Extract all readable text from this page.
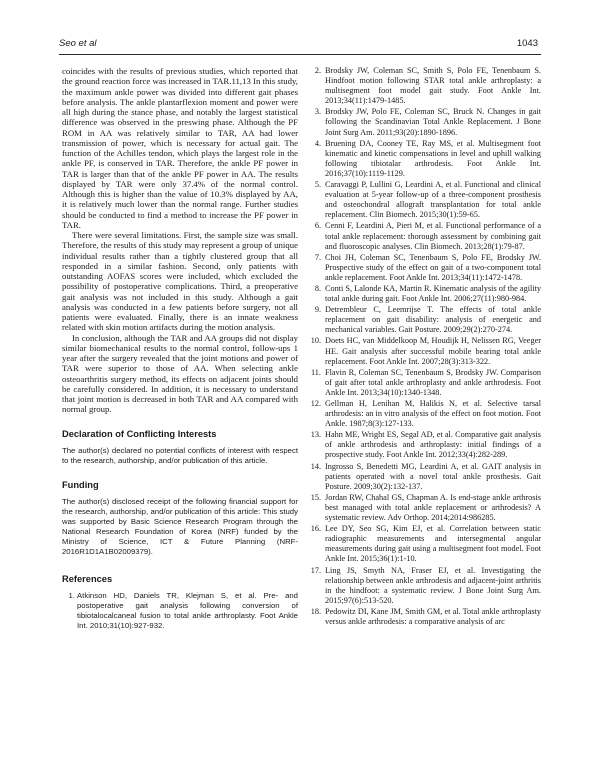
Seo et al	1043

coincides with the results of previous studies, which reported that the ground reaction force was increased in TAR.11,13 In this study, the maximum ankle power was divided into different gait phases before analysis. The ankle plantarflexion moment and power were all high during the stance phase, and notably the largest statistical difference was observed in the preswing phase. Although the PF ROM in AA was relatively similar to TAR, AA had lower transmission of power, which is necessary for actual gait. The function of the Achilles tendon, which plays the largest role in the ankle PF, is conserved in TAR. Therefore, the ankle PF power in TAR is larger than that of the ankle PF power in AA. The results displayed by TAR were only 37.4% of the normal control. Although this is higher than the value of 10.3% displayed by AA, it is relatively much lower than the normal range. Further studies should be conducted to find a method to increase the PF power in TAR.

There were several limitations. First, the sample size was small. Therefore, the results of this study may represent a group of unique individual results rather than a tightly clustered group that all responded in a similar fashion. Second, only patients with outstanding AOFAS scores were included, which excluded the possibility of postoperative complications. Third, a preoperative gait analysis was not included in this study. Although a gait analysis was conducted in a few patients before surgery, not all patients were evaluated. Finally, there is an innate weakness related with skin motion artifacts during the motion analysis.

In conclusion, although the TAR and AA groups did not display similar biomechanical results to the normal control, follow-ups 1 year after the surgery revealed that the joint motions and power of TAR were superior to those of AA. When selecting ankle osteoarthritis surgery method, its effects on adjacent joints should be carefully considered. In addition, it is necessary to understand that joint motion is decreased in both TAR and AA compared with normal group.

Declaration of Conflicting Interests

The author(s) declared no potential conflicts of interest with respect to the research, authorship, and/or publication of this article.

Funding

The author(s) disclosed receipt of the following financial support for the research, authorship, and/or publication of this article: This study was supported by Basic Science Research Program through the National Research Foundation of Korea (NRF) funded by the Ministry of Science, ICT & Future Planning (NRF-2016R1D1A1B02009379).

References
1. Atkinson HD, Daniels TR, Klejman S, et al. Pre- and postoperative gait analysis following conversion of tibiotalocalcaneal fusion to total ankle arthroplasty. Foot Ankle Int. 2010;31(10):927-932.
2. Brodsky JW, Coleman SC, Smith S, Polo FE, Tenenbaum S. Hindfoot motion following STAR total ankle arthroplasty: a multisegment foot model gait study. Foot Ankle Int. 2013;34(11):1479-1485.
3. Brodsky JW, Polo FE, Coleman SC, Bruck N. Changes in gait following the Scandinavian Total Ankle Replacement. J Bone Joint Surg Am. 2011;93(20):1890-1896.
4. Bruening DA, Cooney TE, Ray MS, et al. Multisegment foot kinematic and kinetic compensations in level and uphill walking following tibiotalar arthrodesis. Foot Ankle Int. 2016;37(10):1119-1129.
5. Caravaggi P, Lullini G, Leardini A, et al. Functional and clinical evaluation at 5-year follow-up of a three-component prosthesis and osteochondral allograft transplantation for total ankle replacement. Clin Biomech. 2015;30(1):59-65.
6. Cenni F, Leardini A, Pieri M, et al. Functional performance of a total ankle replacement: thorough assessment by combining gait and fluoroscopic analyses. Clin Biomech. 2013;28(1):79-87.
7. Choi JH, Coleman SC, Tenenbaum S, Polo FE, Brodsky JW. Prospective study of the effect on gait of a two-component total ankle replacement. Foot Ankle Int. 2013;34(11):1472-1478.
8. Conti S, Lalonde KA, Martin R. Kinematic analysis of the agility total ankle during gait. Foot Ankle Int. 2006;27(11):980-984.
9. Detrembleur C, Leemrijse T. The effects of total ankle replacement on gait disability: analysis of energetic and mechanical variables. Gait Posture. 2009;29(2):270-274.
10. Doets HC, van Middelkoop M, Houdijk H, Nelissen RG, Veeger HE. Gait analysis after successful mobile bearing total ankle replacement. Foot Ankle Int. 2007;28(3):313-322.
11. Flavin R, Coleman SC, Tenenbaum S, Brodsky JW. Comparison of gait after total ankle arthroplasty and ankle arthrodesis. Foot Ankle Int. 2013;34(10):1340-1348.
12. Gellman H, Lenihan M, Halikis N, et al. Selective tarsal arthrodesis: an in vitro analysis of the effect on foot motion. Foot Ankle. 1987;8(3):127-133.
13. Hahn ME, Wright ES, Segal AD, et al. Comparative gait analysis of ankle arthrodesis and arthroplasty: initial findings of a prospective study. Foot Ankle Int. 2012;33(4):282-289.
14. Ingrosso S, Benedetti MG, Leardini A, et al. GAIT analysis in patients operated with a novel total ankle prosthesis. Gait Posture. 2009;30(2):132-137.
15. Jordan RW, Chahal GS, Chapman A. Is end-stage ankle arthrosis best managed with total ankle replacement or arthrodesis? A systematic review. Adv Orthop. 2014;2014:986285.
16. Lee DY, Seo SG, Kim EJ, et al. Correlation between static radiographic measurements and intersegmental angular measurements during gait using a multisegment foot model. Foot Ankle Int. 2015;36(1):1-10.
17. Ling JS, Smyth NA, Fraser EJ, et al. Investigating the relationship between ankle arthrodesis and adjacent-joint arthritis in the hindfoot: a systematic review. J Bone Joint Surg Am. 2015;97(6):513-520.
18. Pedowitz DI, Kane JM, Smith GM, et al. Total ankle arthroplasty versus ankle arthrodesis: a comparative analysis of arc
